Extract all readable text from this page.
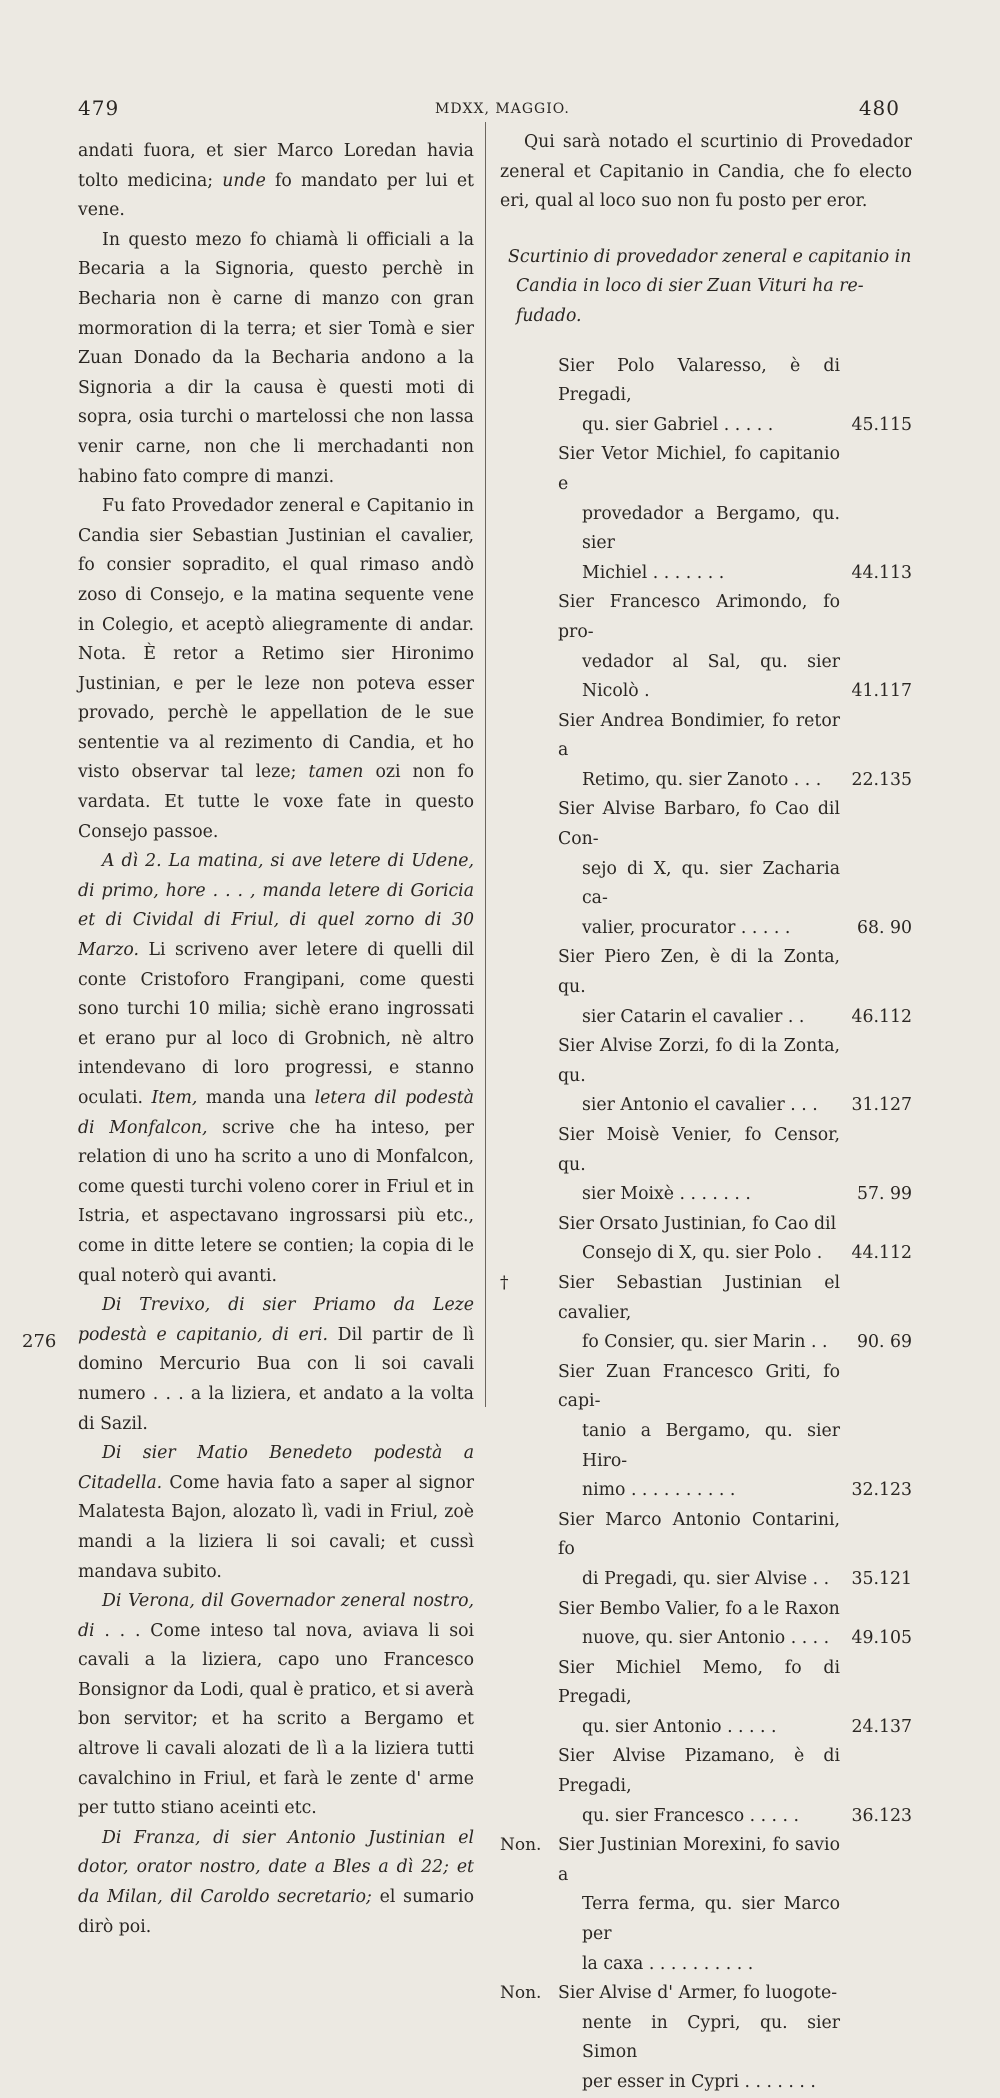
479	MDXX, MAGGIO.	480
276

andati fuora, et sier Marco Loredan havia tolto medicina; unde fo mandato per lui et vene.

In questo mezo fo chiamà li officiali a la Becaria a la Signoria, questo perchè in Becharia non è carne di manzo con gran mormoration di la terra; et sier Tomà e sier Zuan Donado da la Becharia andono a la Signoria a dir la causa è questi moti di sopra, osia turchi o martelossi che non lassa venir carne, non che li merchadanti non habino fato compre di manzi.

Fu fato Provedador zeneral e Capitanio in Candia sier Sebastian Justinian el cavalier, fo consier sopradito, el qual rimaso andò zoso di Consejo, e la matina sequente vene in Colegio, et aceptò aliegramente di andar. Nota. È retor a Retimo sier Hironimo Justinian, e per le leze non poteva esser provado, perchè le appellation de le sue sententie va al rezimento di Candia, et ho visto observar tal leze; tamen ozi non fo vardata. Et tutte le voxe fate in questo Consejo passoe.

A dì 2. La matina, si ave letere di Udene, di primo, hore . . . , manda letere di Goricia et di Cividal di Friul, di quel zorno di 30 Marzo. Li scriveno aver letere di quelli dil conte Cristoforo Frangipani, come questi sono turchi 10 milia; sichè erano ingrossati et erano pur al loco di Grobnich, nè altro intendevano di loro progressi, e stanno oculati. Item, manda una letera dil podestà di Monfalcon, scrive che ha inteso, per relation di uno ha scrito a uno di Monfalcon, come questi turchi voleno corer in Friul et in Istria, et aspectavano ingrossarsi più etc., come in ditte letere se contien; la copia di le qual noterò qui avanti.

Di Trevixo, di sier Priamo da Leze podestà e capitanio, di eri. Dil partir de lì domino Mercurio Bua con li soi cavali numero . . . a la liziera, et andato a la volta di Sazil.

Di sier Matio Benedeto podestà a Citadella. Come havia fato a saper al signor Malatesta Bajon, alozato lì, vadi in Friul, zoè mandi a la liziera li soi cavali; et cussì mandava subito.

Di Verona, dil Governador zeneral nostro, di . . . Come inteso tal nova, aviava li soi cavali a la liziera, capo uno Francesco Bonsignor da Lodi, qual è pratico, et si averà bon servitor; et ha scrito a Bergamo et altrove li cavali alozati de lì a la liziera tutti cavalchino in Friul, et farà le zente d' arme per tutto stiano aceinti etc.

Di Franza, di sier Antonio Justinian el dotor, orator nostro, date a Bles a dì 22; et da Milan, dil Caroldo secretario; el sumario dirò poi.

Qui sarà notado el scurtinio di Provedador zeneral et Capitanio in Candia, che fo electo eri, qual al loco suo non fu posto per eror.

Scurtinio di provedador zeneral e capitanio in
Candia in loco di sier Zuan Vituri ha re-
fudado.
Sier Polo Valaresso, è di Pregadi,
qu. sier Gabriel . . . . .	45.115
Sier Vetor Michiel, fo capitanio e
provedador a Bergamo, qu. sier
Michiel . . . . . . .	44.113
Sier Francesco Arimondo, fo pro-
vedador al Sal, qu. sier Nicolò .	41.117
Sier Andrea Bondimier, fo retor a
Retimo, qu. sier Zanoto . . .	22.135
Sier Alvise Barbaro, fo Cao dil Con-
sejo di X, qu. sier Zacharia ca-
valier, procurator . . . . .	68. 90
Sier Piero Zen, è di la Zonta, qu.
sier Catarin el cavalier . .	46.112
Sier Alvise Zorzi, fo di la Zonta, qu.
sier Antonio el cavalier . . .	31.127
Sier Moisè Venier, fo Censor, qu.
sier Moixè . . . . . . .	57. 99
Sier Orsato Justinian, fo Cao dil
Consejo di X, qu. sier Polo .	44.112
†	Sier Sebastian Justinian el cavalier,
fo Consier, qu. sier Marin . .	90. 69
Sier Zuan Francesco Griti, fo capi-
tanio a Bergamo, qu. sier Hiro-
nimo . . . . . . . . . .	32.123
Sier Marco Antonio Contarini, fo
di Pregadi, qu. sier Alvise . .	35.121
Sier Bembo Valier, fo a le Raxon
nuove, qu. sier Antonio . . . .	49.105
Sier Michiel Memo, fo di Pregadi,
qu. sier Antonio . . . . .	24.137
Sier Alvise Pizamano, è di Pregadi,
qu. sier Francesco . . . . .	36.123
Non. Sier Justinian Morexini, fo savio a
Terra ferma, qu. sier Marco per
la caxa . . . . . . . . . .
Non. Sier Alvise d' Armer, fo luogote-
nente in Cypri, qu. sier Simon
per esser in Cypri . . . . . . .
